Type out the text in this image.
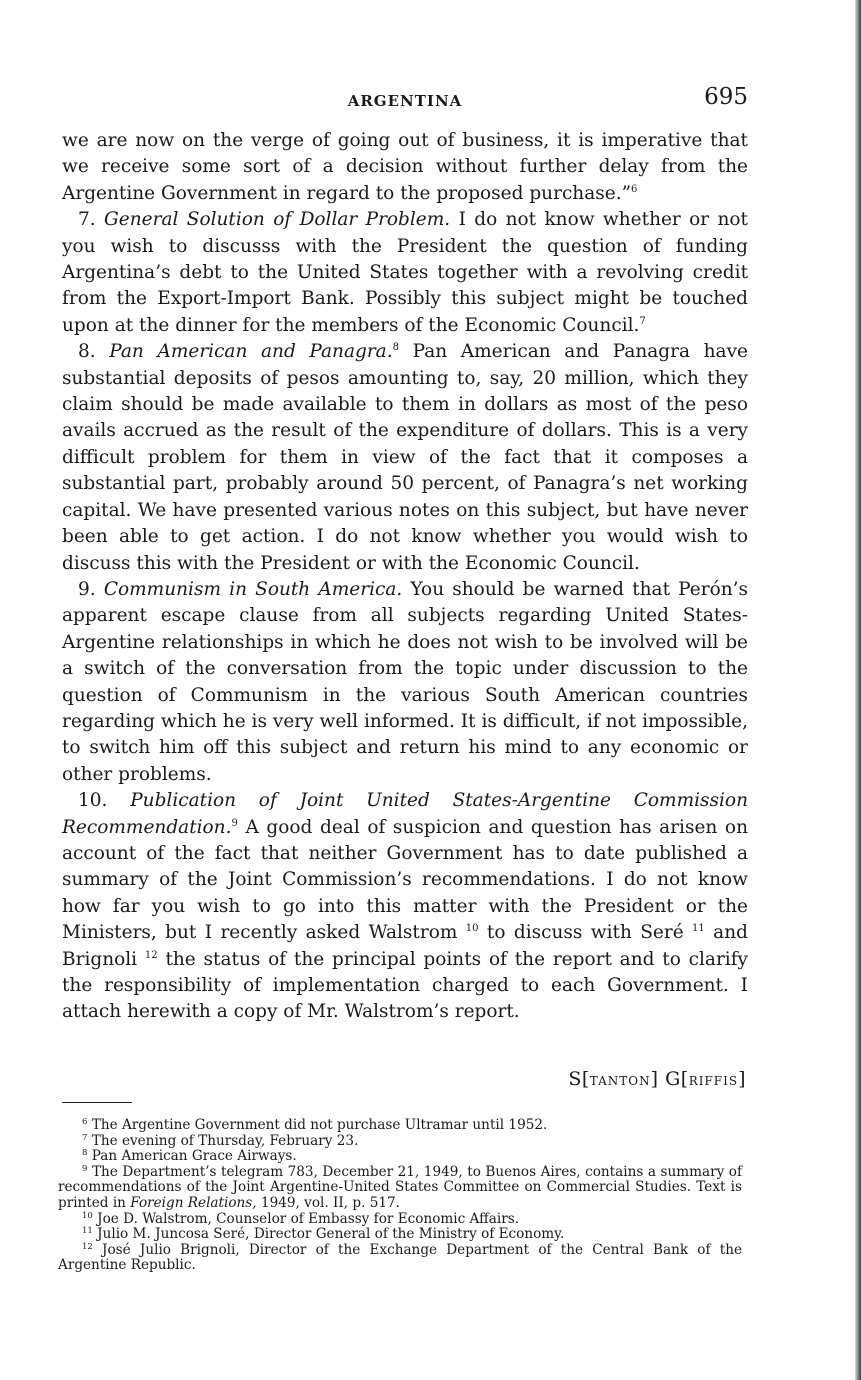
ARGENTINA	695

we are now on the verge of going out of business, it is imperative that we receive some sort of a decision without further delay from the Argentine Government in regard to the proposed purchase.”$^6$

7. General Solution of Dollar Problem. I do not know whether or not you wish to discusss with the President the question of funding Argentina’s debt to the United States together with a revolving credit from the Export-Import Bank. Possibly this subject might be touched upon at the dinner for the members of the Economic Council.$^7$

8. Pan American and Panagra.$^8$ Pan American and Panagra have substantial deposits of pesos amounting to, say, 20 million, which they claim should be made available to them in dollars as most of the peso avails accrued as the result of the expenditure of dollars. This is a very difficult problem for them in view of the fact that it composes a substantial part, probably around 50 percent, of Panagra’s net working capital. We have presented various notes on this subject, but have never been able to get action. I do not know whether you would wish to discuss this with the President or with the Economic Council.

9. Communism in South America. You should be warned that Perón’s apparent escape clause from all subjects regarding United States-Argentine relationships in which he does not wish to be involved will be a switch of the conversation from the topic under discussion to the question of Communism in the various South American countries regarding which he is very well informed. It is difficult, if not impossible, to switch him off this subject and return his mind to any economic or other problems.

10. Publication of Joint United States-Argentine Commission Recommendation.$^9$ A good deal of suspicion and question has arisen on account of the fact that neither Government has to date published a summary of the Joint Commission’s recommendations. I do not know how far you wish to go into this matter with the President or the Ministers, but I recently asked Walstrom $^{10}$ to discuss with Seré $^{11}$ and Brignoli $^{12}$ the status of the principal points of the report and to clarify the responsibility of implementation charged to each Government. I attach herewith a copy of Mr. Walstrom’s report.

S[TANTON] G[RIFFIS]

$^6$ The Argentine Government did not purchase Ultramar until 1952.

$^7$ The evening of Thursday, February 23.

$^8$ Pan American Grace Airways.

$^9$ The Department’s telegram 783, December 21, 1949, to Buenos Aires, contains a summary of recommendations of the Joint Argentine-United States Committee on Commercial Studies. Text is printed in Foreign Relations, 1949, vol. II, p. 517.

$^{10}$ Joe D. Walstrom, Counselor of Embassy for Economic Affairs.

$^{11}$ Julio M. Juncosa Seré, Director General of the Ministry of Economy.

$^{12}$ José Julio Brignoli, Director of the Exchange Department of the Central Bank of the Argentine Republic.
